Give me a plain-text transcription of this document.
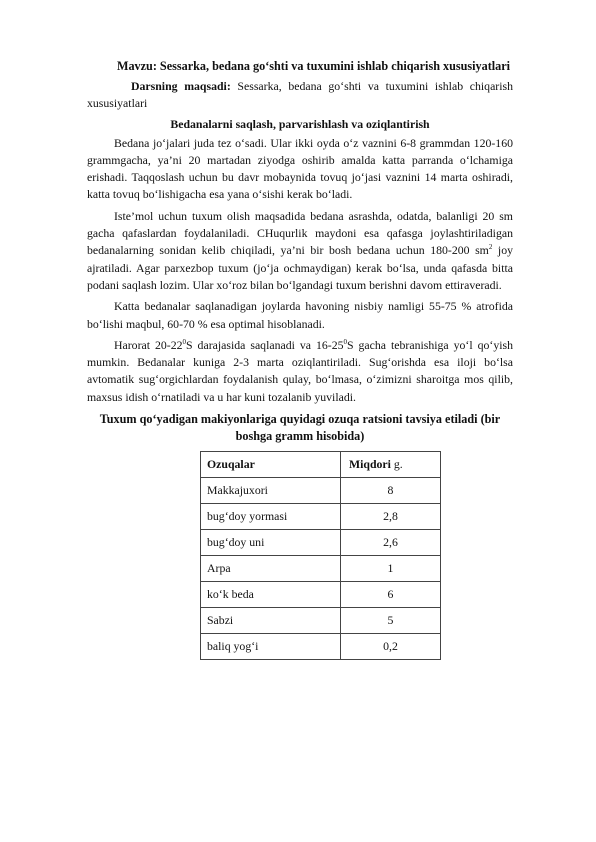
Mavzu: Sessarka, bedana go‘shti va tuxumini ishlab chiqarish xususiyatlari

Darsning maqsadi: Sessarka, bedana go‘shti va tuxumini ishlab chiqarish xususiyatlari

Bedanalarni saqlash, parvarishlash va oziqlantirish

Bedana jo‘jalari juda tez o‘sadi. Ular ikki oyda o‘z vaznini 6-8 grammdan 120-160 grammgacha, ya’ni 20 martadan ziyodga oshirib amalda katta parranda o‘lchamiga erishadi. Taqqoslash uchun bu davr mobaynida tovuq jo‘jasi vaznini 14 marta oshiradi, katta tovuq bo‘lishigacha esa yana o‘sishi kerak bo‘ladi.

Iste’mol uchun tuxum olish maqsadida bedana asrashda, odatda, balanligi 20 sm gacha qafaslardan foydalaniladi. CHuqurlik maydoni esa qafasga joylashtiriladigan bedanalarning sonidan kelib chiqiladi, ya’ni bir bosh bedana uchun 180-200 $sm^2$ joy ajratiladi. Agar parxezbop tuxum (jo‘ja ochmaydigan) kerak bo‘lsa, unda qafasda bitta podani saqlash lozim. Ular xo‘roz bilan bo‘lgandagi tuxum berishni davom ettiraveradi.

Katta bedanalar saqlanadigan joylarda havoning nisbiy namligi 55-75 % atrofida bo‘lishi maqbul, 60-70 % esa optimal hisoblanadi.

Harorat $20-22^0S$ darajasida saqlanadi va $16-25^0S$ gacha tebranishiga yo‘l qo‘yish mumkin. Bedanalar kuniga 2-3 marta oziqlantiriladi. Sug‘orishda esa iloji bo‘lsa avtomatik sug‘orgichlardan foydalanish qulay, bo‘lmasa, o‘zimizni sharoitga mos qilib, maxsus idish o‘rnatiladi va u har kuni tozalanib yuviladi.

Tuxum qo‘yadigan makiyonlariga quyidagi ozuqa ratsioni tavsiya etiladi (bir boshga gramm hisobida)
Ozuqalar	Miqdori g.
Makkajuxori	8
bug‘doy yormasi	2,8
bug‘doy uni	2,6
Arpa	1
ko‘k beda	6
Sabzi	5
baliq yog‘i	0,2
